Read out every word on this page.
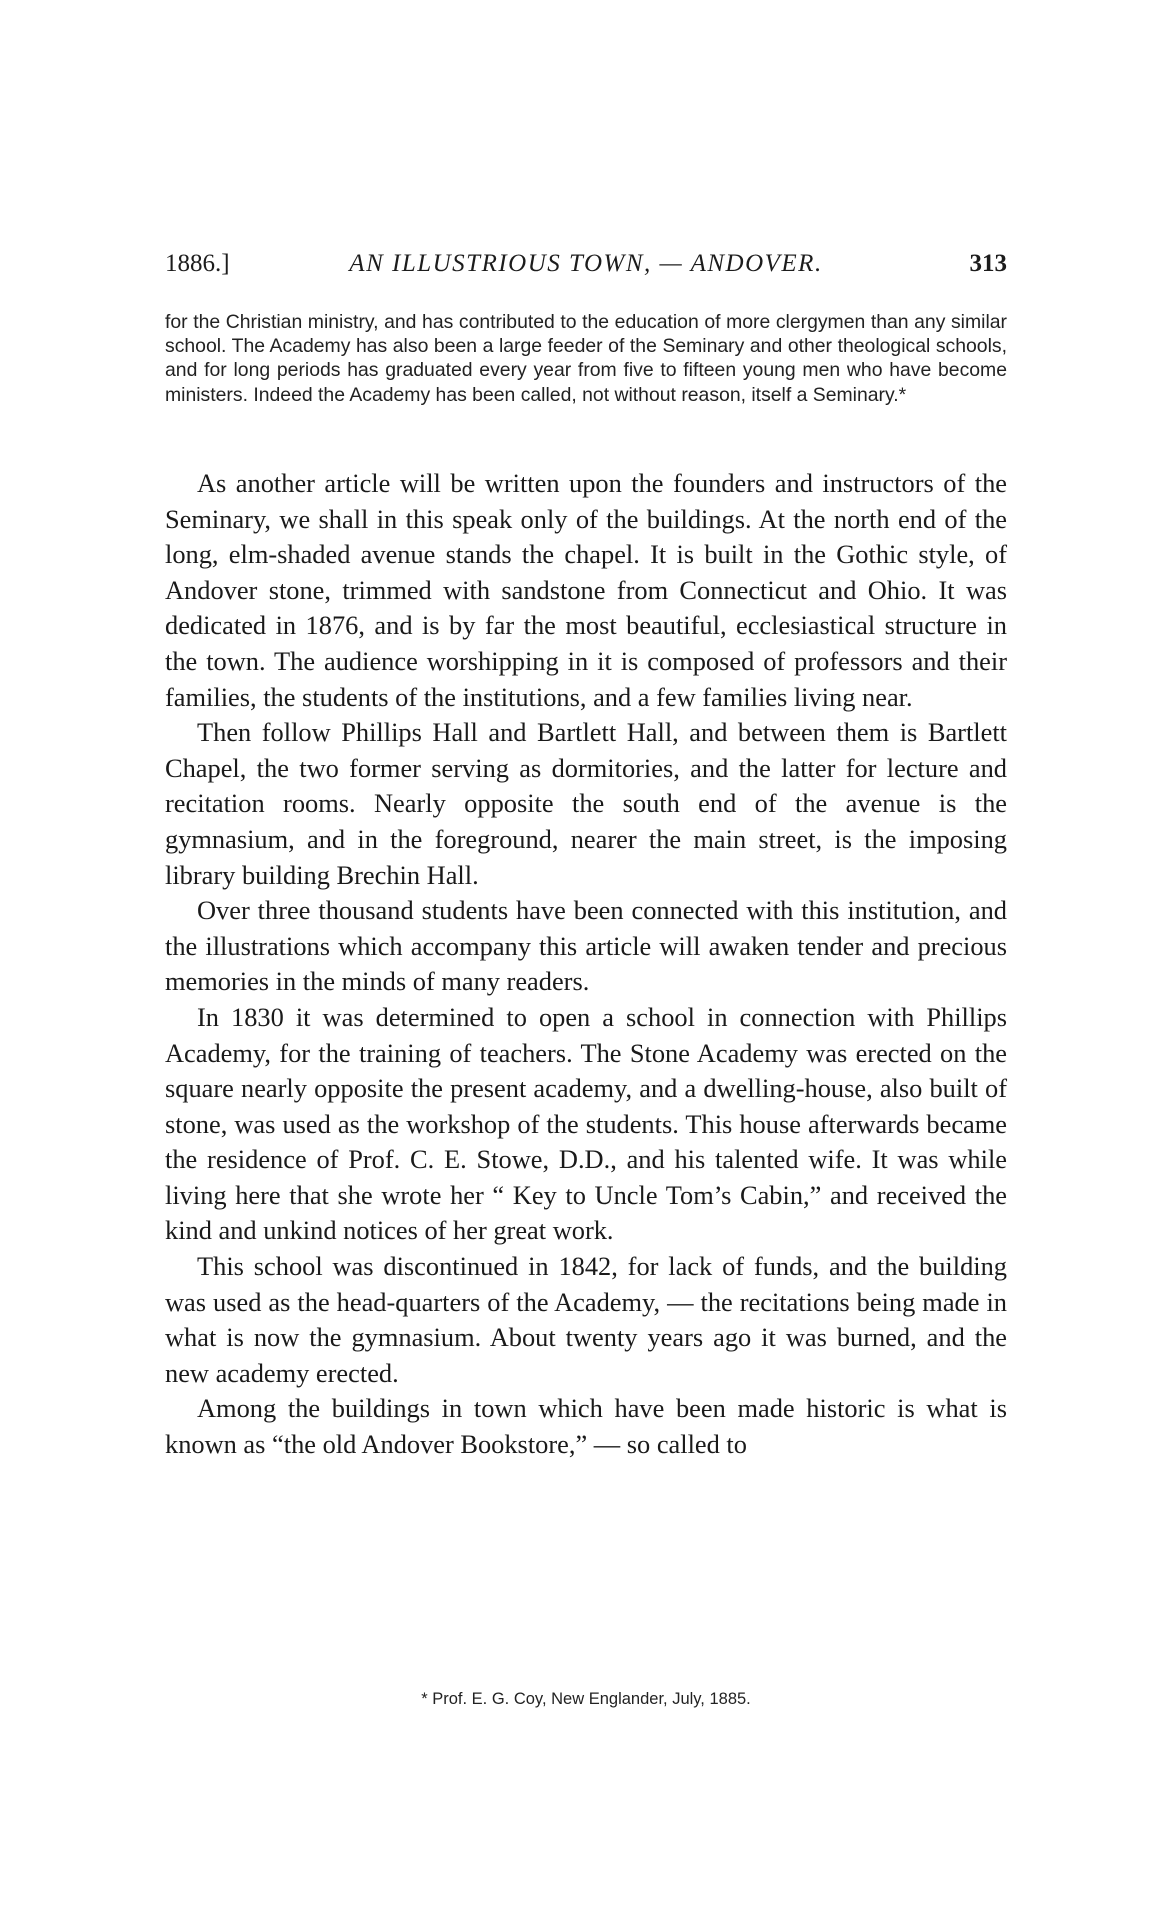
1886.]	AN ILLUSTRIOUS TOWN, — ANDOVER.	313

for the Christian ministry, and has contributed to the education of more clergymen than any similar school. The Academy has also been a large feeder of the Seminary and other theological schools, and for long periods has graduated every year from five to fifteen young men who have become ministers. Indeed the Academy has been called, not without reason, itself a Seminary.*

As another article will be written upon the founders and instructors of the Seminary, we shall in this speak only of the buildings. At the north end of the long, elm-shaded avenue stands the chapel. It is built in the Gothic style, of Andover stone, trimmed with sandstone from Connecticut and Ohio. It was dedicated in 1876, and is by far the most beautiful, ecclesiastical structure in the town. The audience worshipping in it is composed of professors and their families, the students of the institutions, and a few families living near.

Then follow Phillips Hall and Bartlett Hall, and between them is Bartlett Chapel, the two former serving as dormitories, and the latter for lecture and recitation rooms. Nearly opposite the south end of the avenue is the gymnasium, and in the foreground, nearer the main street, is the imposing library building Brechin Hall.

Over three thousand students have been connected with this institution, and the illustrations which accompany this article will awaken tender and precious memories in the minds of many readers.

In 1830 it was determined to open a school in connection with Phillips Academy, for the training of teachers. The Stone Academy was erected on the square nearly opposite the present academy, and a dwelling-house, also built of stone, was used as the workshop of the students. This house afterwards became the residence of Prof. C. E. Stowe, D.D., and his talented wife. It was while living here that she wrote her “ Key to Uncle Tom’s Cabin,” and received the kind and unkind notices of her great work.

This school was discontinued in 1842, for lack of funds, and the building was used as the head-quarters of the Academy, — the recitations being made in what is now the gymnasium. About twenty years ago it was burned, and the new academy erected.

Among the buildings in town which have been made historic is what is known as “the old Andover Bookstore,” — so called to

* Prof. E. G. Coy, New Englander, July, 1885.
